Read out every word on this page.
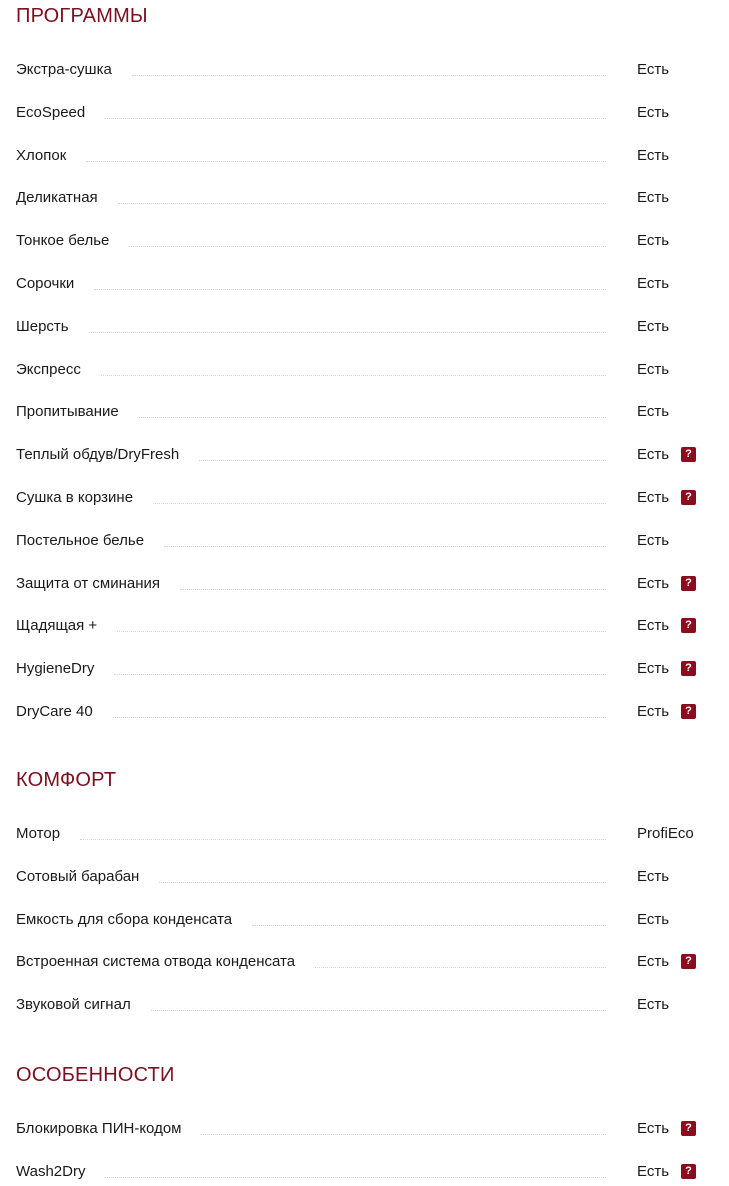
ПРОГРАММЫ
Экстра-сушка	Есть
EcoSpeed	Есть
Хлопок	Есть
Деликатная	Есть
Тонкое белье	Есть
Сорочки	Есть
Шерсть	Есть
Экспресс	Есть
Пропитывание	Есть
Теплый обдув/DryFresh	Есть	?
Сушка в корзине	Есть	?
Постельное белье	Есть
Защита от сминания	Есть	?
Щадящая +	Есть	?
HygieneDry	Есть	?
DryCare 40	Есть	?
КОМФОРТ
Мотор	ProfiEco
Сотовый барабан	Есть
Емкость для сбора конденсата	Есть
Встроенная система отвода конденсата	Есть	?
Звуковой сигнал	Есть
ОСОБЕННОСТИ
Блокировка ПИН-кодом	Есть	?
Wash2Dry	Есть	?
